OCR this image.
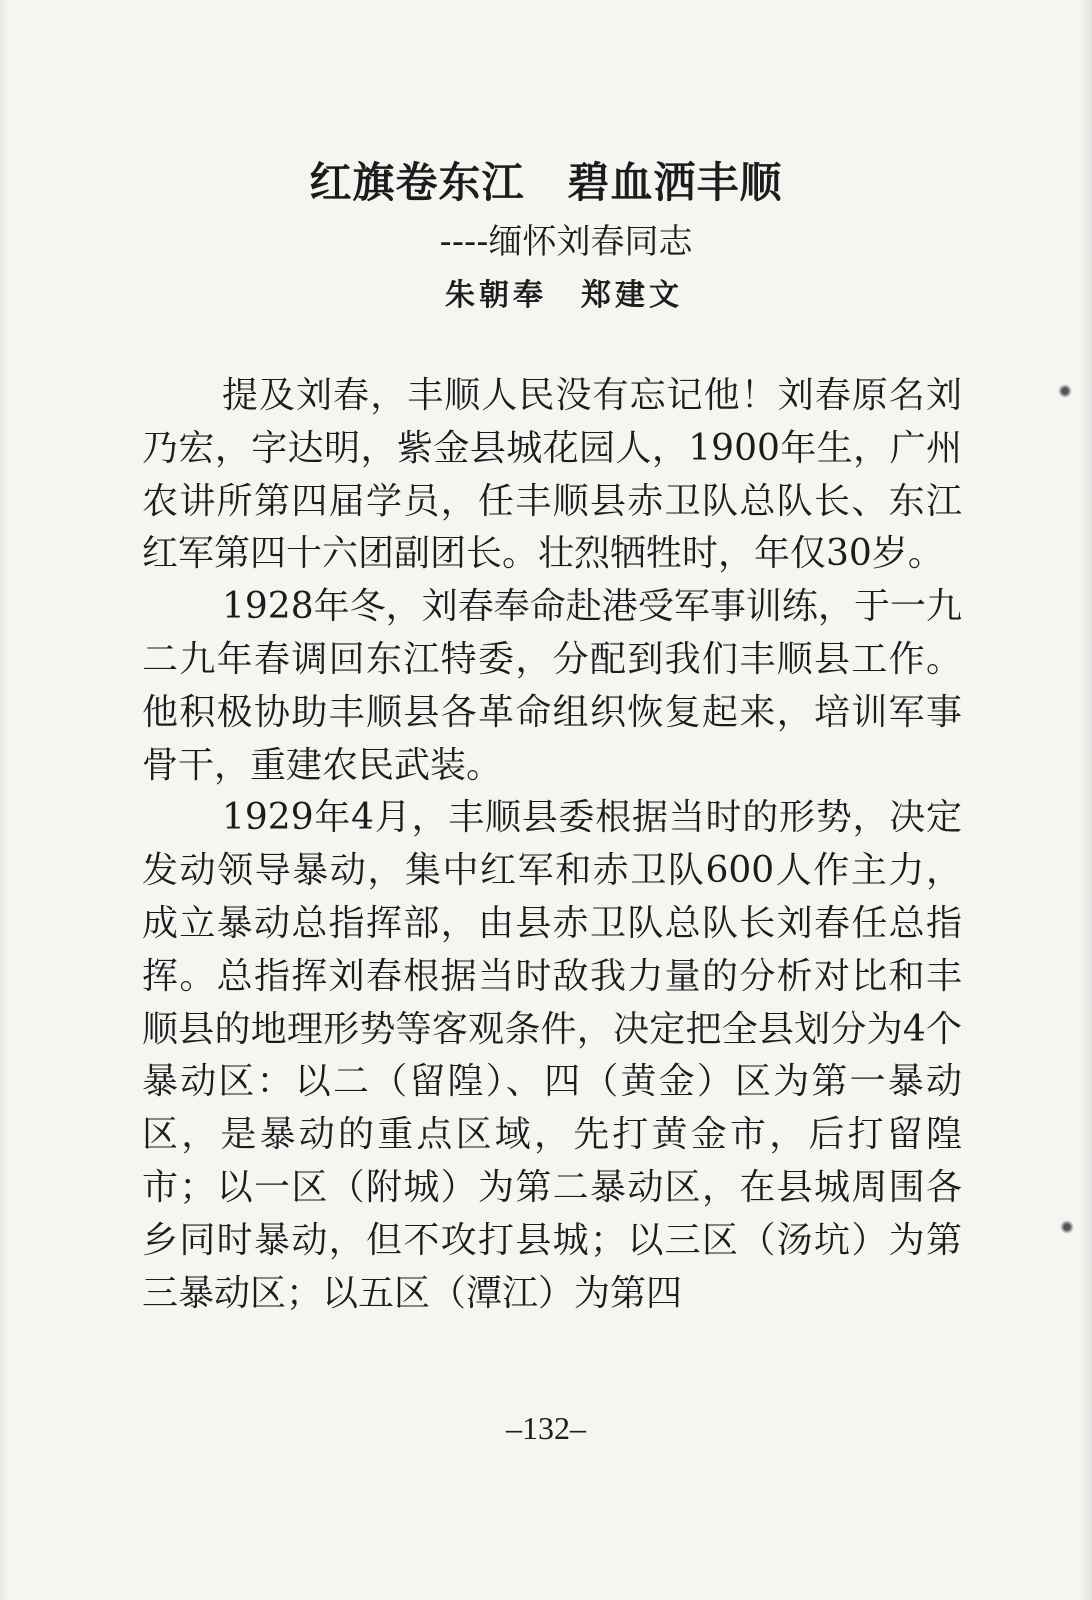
红旗卷东江　碧血洒丰顺
----缅怀刘春同志
朱朝奉　郑建文

提及刘春，丰顺人民没有忘记他！刘春原名刘乃宏，字达明，紫金县城花园人，1900年生，广州农讲所第四届学员，任丰顺县赤卫队总队长、东江红军第四十六团副团长。壮烈牺牲时，年仅30岁。

1928年冬，刘春奉命赴港受军事训练，于一九二九年春调回东江特委，分配到我们丰顺县工作。他积极协助丰顺县各革命组织恢复起来，培训军事骨干，重建农民武装。

1929年4月，丰顺县委根据当时的形势，决定发动领导暴动，集中红军和赤卫队600人作主力，成立暴动总指挥部，由县赤卫队总队长刘春任总指挥。总指挥刘春根据当时敌我力量的分析对比和丰顺县的地理形势等客观条件，决定把全县划分为4个暴动区：以二（留隍）、四（黄金）区为第一暴动区，是暴动的重点区域，先打黄金市，后打留隍市；以一区（附城）为第二暴动区，在县城周围各乡同时暴动，但不攻打县城；以三区（汤坑）为第三暴动区；以五区（潭江）为第四

–132–
